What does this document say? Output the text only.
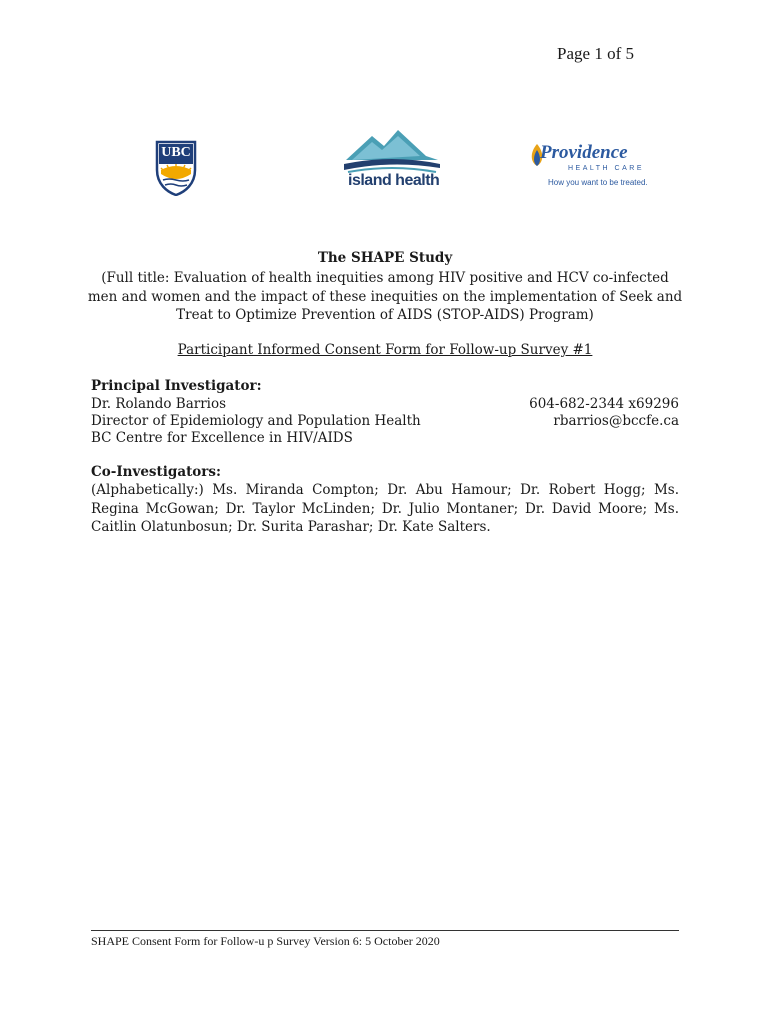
Page 1 of 5
UBC
island health
Providence
HEALTH CARE
How you want to be treated.
The SHAPE Study
(Full title: Evaluation of health inequities among HIV positive and HCV co-infected men and women and the impact of these inequities on the implementation of Seek and Treat to Optimize Prevention of AIDS (STOP-AIDS) Program)
Participant Informed Consent Form for Follow-up Survey #1
Principal Investigator:
Dr. Rolando Barrios
Director of Epidemiology and Population Health
BC Centre for Excellence in HIV/AIDS
604-682-2344 x69296
rbarrios@bccfe.ca
Co-Investigators:
(Alphabetically:) Ms. Miranda Compton; Dr. Abu Hamour; Dr. Robert Hogg; Ms. Regina McGowan; Dr. Taylor McLinden; Dr. Julio Montaner; Dr. David Moore; Ms. Caitlin Olatunbosun; Dr. Surita Parashar; Dr. Kate Salters.
SHAPE Consent Form for Follow-u p Survey Version 6: 5 October 2020
